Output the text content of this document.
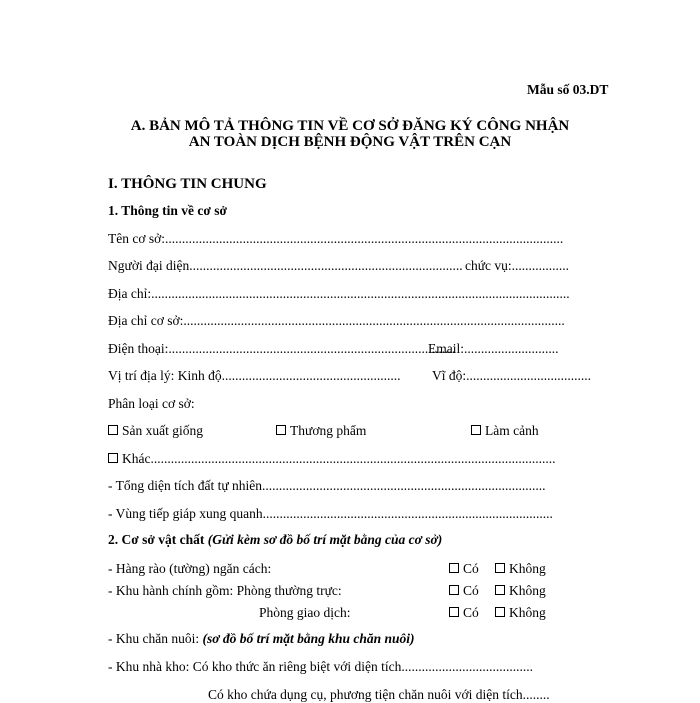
Mẫu số 03.DT
A. BẢN MÔ TẢ THÔNG TIN VỀ CƠ SỞ ĐĂNG KÝ CÔNG NHẬN
AN TOÀN DỊCH BỆNH ĐỘNG VẬT TRÊN CẠN
I. THÔNG TIN CHUNG
1. Thông tin về cơ sở
Tên cơ sở:......................................................................................................................
Người đại diện................................................................................. chức vụ:.................
Địa chỉ:............................................................................................................................
Địa chỉ cơ sở:.................................................................................................................
Điện thoại:.....................................................................................
Email:............................
Vị trí địa lý: Kinh độ..................................................... Vĩ độ:.....................................
Phân loại cơ sở:
Sản xuất giống	Thương phẩm	Làm cảnh
Khác........................................................................................................................
- Tổng diện tích đất tự nhiên....................................................................................
- Vùng tiếp giáp xung quanh......................................................................................
2. Cơ sở vật chất (Gửi kèm sơ đồ bố trí mặt bằng của cơ sở)
- Hàng rào (tường) ngăn cách:	Có	Không
- Khu hành chính gồm: Phòng thường trực:	Có	Không
Phòng giao dịch:	Có	Không
- Khu chăn nuôi: (sơ đồ bố trí mặt bằng khu chăn nuôi)
- Khu nhà kho: Có kho thức ăn riêng biệt với diện tích.......................................
Có kho chứa dụng cụ, phương tiện chăn nuôi với diện tích........
